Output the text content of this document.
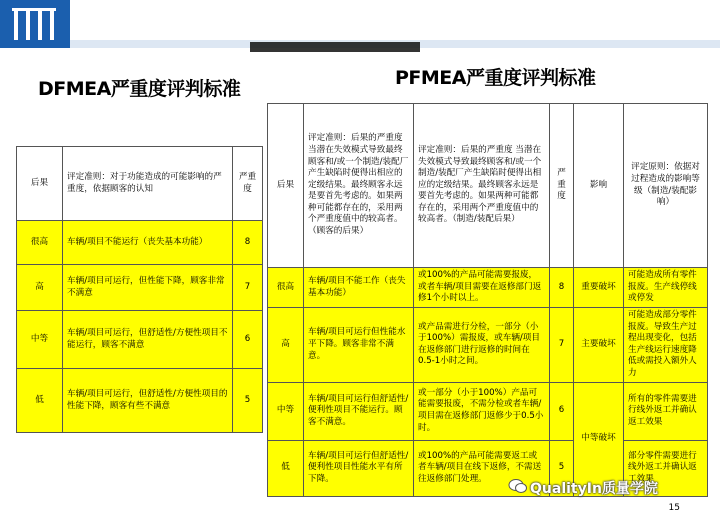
DFMEA严重度评判标准	PFMEA严重度评判标准
后果	评定准则：对于功能造成的可能影响的严重度，依据顾客的认知	严重度
很高	车辆/项目不能运行（丧失基本功能）	8
高	车辆/项目可运行，但性能下降，顾客非常不满意	7
中等	车辆/项目可运行，但舒适性/方便性项目不能运行，顾客不满意	6
低	车辆/项目可运行，但舒适性/方便性项目的性能下降，顾客有些不满意	5
后果	评定准则：后果的严重度 当潜在失效模式导致最终顾客和/或一个制造/装配厂产生缺陷时便得出相应的定级结果。最终顾客永远是要首先考虑的。如果两种可能都存在的，采用两个严重度值中的较高者。（顾客的后果）	评定准则：后果的严重度 当潜在失效模式导致最终顾客和/或一个制造/装配厂产生缺陷时便得出相应的定级结果。最终顾客永远是要首先考虑的。如果两种可能都存在的，采用两个严重度值中的较高者。（制造/装配后果）	严重度	影响	评定原则：依据对过程造成的影响等级（制造/装配影响）
很高	车辆/项目不能工作（丧失基本功能）	或100%的产品可能需要报废，或者车辆/项目需要在返修部门返修1个小时以上。	8	重要破坏	可能造成所有零件报废。生产线停线或停发
高	车辆/项目可运行但性能水平下降。顾客非常不满意。	或产品需进行分检，一部分（小于100%）需报废，或车辆/项目在返修部门进行返修的时间在0.5-1小时之间。	7	主要破坏	可能造成部分零件报废。导致生产过程出现变化，包括生产线运行速度降低或需投入额外人力
中等	车辆/项目可运行但舒适性/便利性项目不能运行。顾客不满意。	或一部分（小于100%）产品可能需要报废，不需分检或者车辆/项目需在返修部门返修少于0.5小时。	6	中等破坏	所有的零件需要进行线外返工并确认返工效果
低	车辆/项目可运行但舒适性/便利性项目性能水平有所下降。	或100%的产品可能需要返工或者车辆/项目在线下返修，不需送往返修部门处理。	5		部分零件需要进行线外返工并确认返工效果
QualityIn质量学院
15
